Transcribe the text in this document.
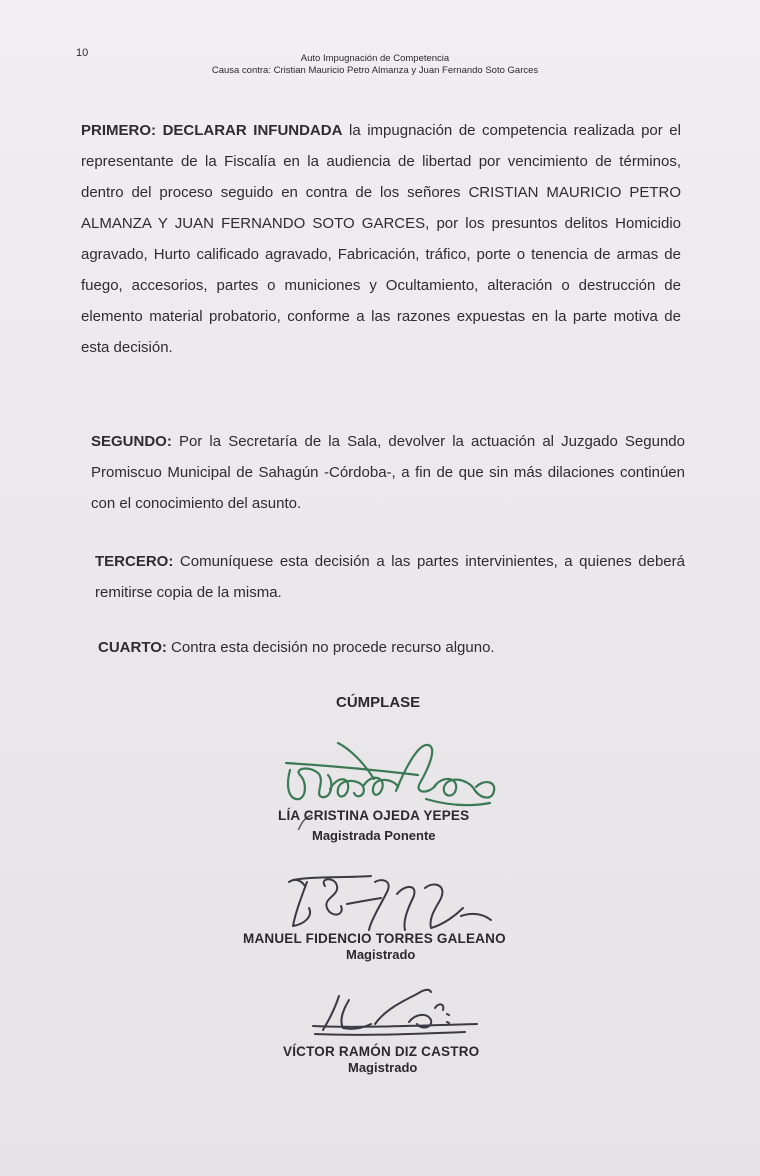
10	Auto Impugnación de Competencia
Causa contra: Cristian Mauricio Petro Almanza y Juan Fernando Soto Garces

PRIMERO: DECLARAR INFUNDADA la impugnación de competencia realizada por el representante de la Fiscalía en la audiencia de libertad por vencimiento de términos, dentro del proceso seguido en contra de los señores CRISTIAN MAURICIO PETRO ALMANZA Y JUAN FERNANDO SOTO GARCES, por los presuntos delitos Homicidio agravado, Hurto calificado agravado, Fabricación, tráfico, porte o tenencia de armas de fuego, accesorios, partes o municiones y Ocultamiento, alteración o destrucción de elemento material probatorio, conforme a las razones expuestas en la parte motiva de esta decisión.

SEGUNDO: Por la Secretaría de la Sala, devolver la actuación al Juzgado Segundo Promiscuo Municipal de Sahagún -Córdoba-, a fin de que sin más dilaciones continúen con el conocimiento del asunto.

TERCERO: Comuníquese esta decisión a las partes intervinientes, a quienes deberá remitirse copia de la misma.

CUARTO: Contra esta decisión no procede recurso alguno.

CÚMPLASE
LÍA CRISTINA OJEDA YEPES
Magistrada Ponente
MANUEL FIDENCIO TORRES GALEANO
Magistrado
VÍCTOR RAMÓN DIZ CASTRO
Magistrado
